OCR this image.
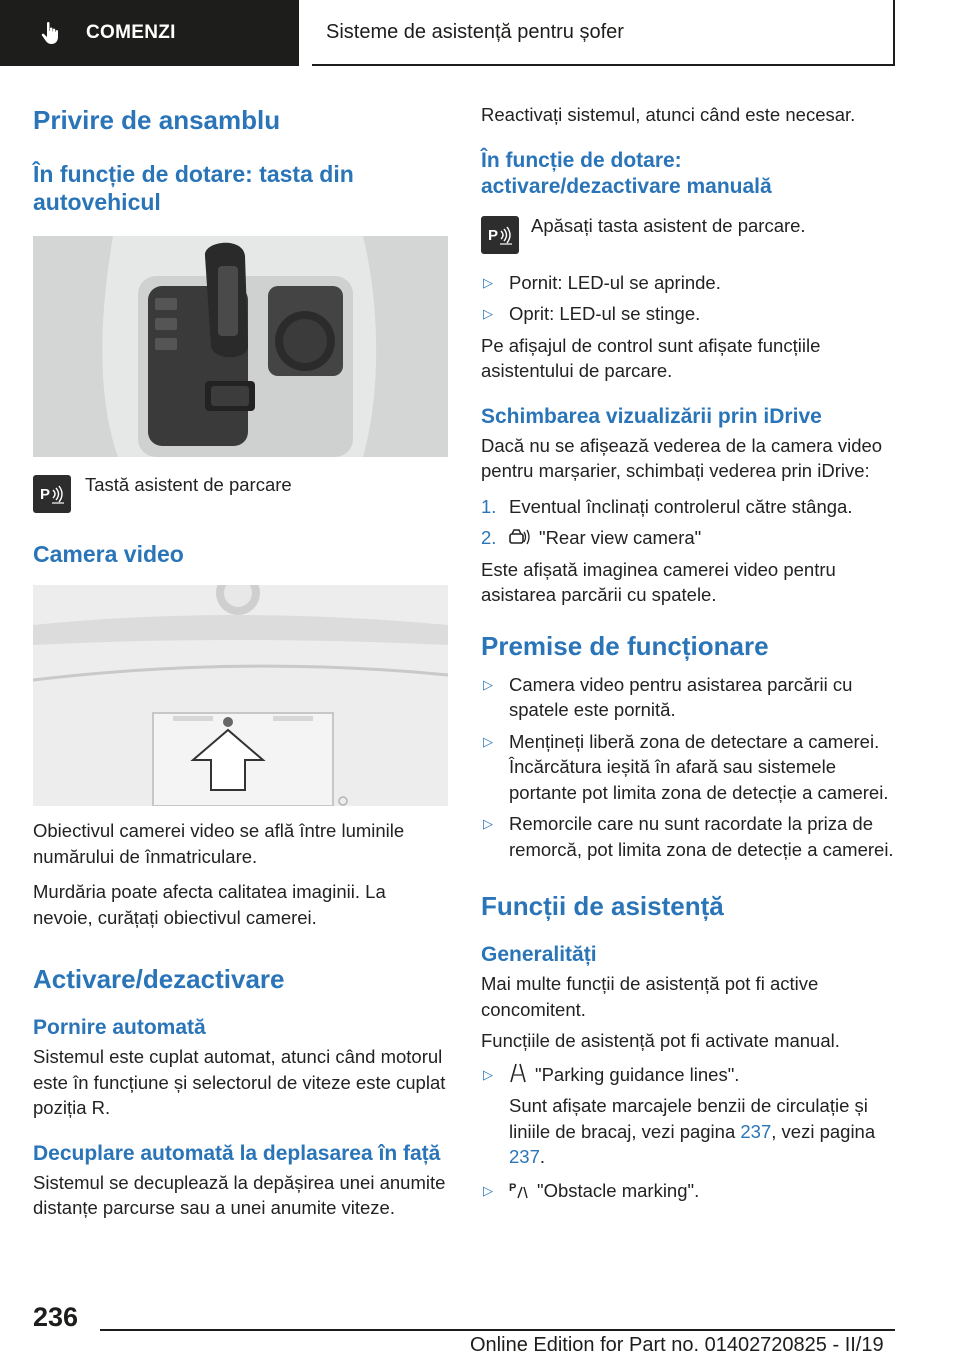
COMENZI	Sisteme de asistență pentru șofer
Privire de ansamblu
În funcție de dotare: tasta din autovehicul
P Tastă asistent de parcare

Camera video

Obiectivul camerei video se află între luminile numărului de înmatriculare.

Murdăria poate afecta calitatea imaginii. La nevoie, curățați obiectivul camerei.

Activare/dezactivare
Pornire automată

Sistemul este cuplat automat, atunci când motorul este în funcțiune și selectorul de viteze este cuplat poziția R.

Decuplare automată la deplasarea în față

Sistemul se decuplează la depășirea unei anumite distanțe parcurse sau a unei anumite viteze.

Reactivați sistemul, atunci când este necesar.

În funcție de dotare: activare/dezactivare manuală
P Apăsați tasta asistent de parcare.

▷ Pornit: LED-ul se aprinde.
▷ Oprit: LED-ul se stinge.

Pe afișajul de control sunt afișate funcțiile asistentului de parcare.

Schimbarea vizualizării prin iDrive

Dacă nu se afișează vederea de la camera video pentru marșarier, schimbați vederea prin iDrive:

1. Eventual înclinați controlerul către stânga.
2. "Rear view camera"

Este afișată imaginea camerei video pentru asistarea parcării cu spatele.

Premise de funcționare
▷ Camera video pentru asistarea parcării cu spatele este pornită.
▷ Mențineți liberă zona de detectare a camerei. Încărcătura ieșită în afară sau sistemele portante pot limita zona de detecție a camerei.
▷ Remorcile care nu sunt racordate la priza de remorcă, pot limita zona de detecție a camerei.
Funcții de asistență
Generalități

Mai multe funcții de asistență pot fi active concomitent.

Funcțiile de asistență pot fi activate manual.

▷ "Parking guidance lines".
Sunt afișate marcajele benzii de circulație și liniile de bracaj, vezi pagina 237, vezi pagina 237.
▷ P "Obstacle marking".
236
Online Edition for Part no. 01402720825 - II/19
